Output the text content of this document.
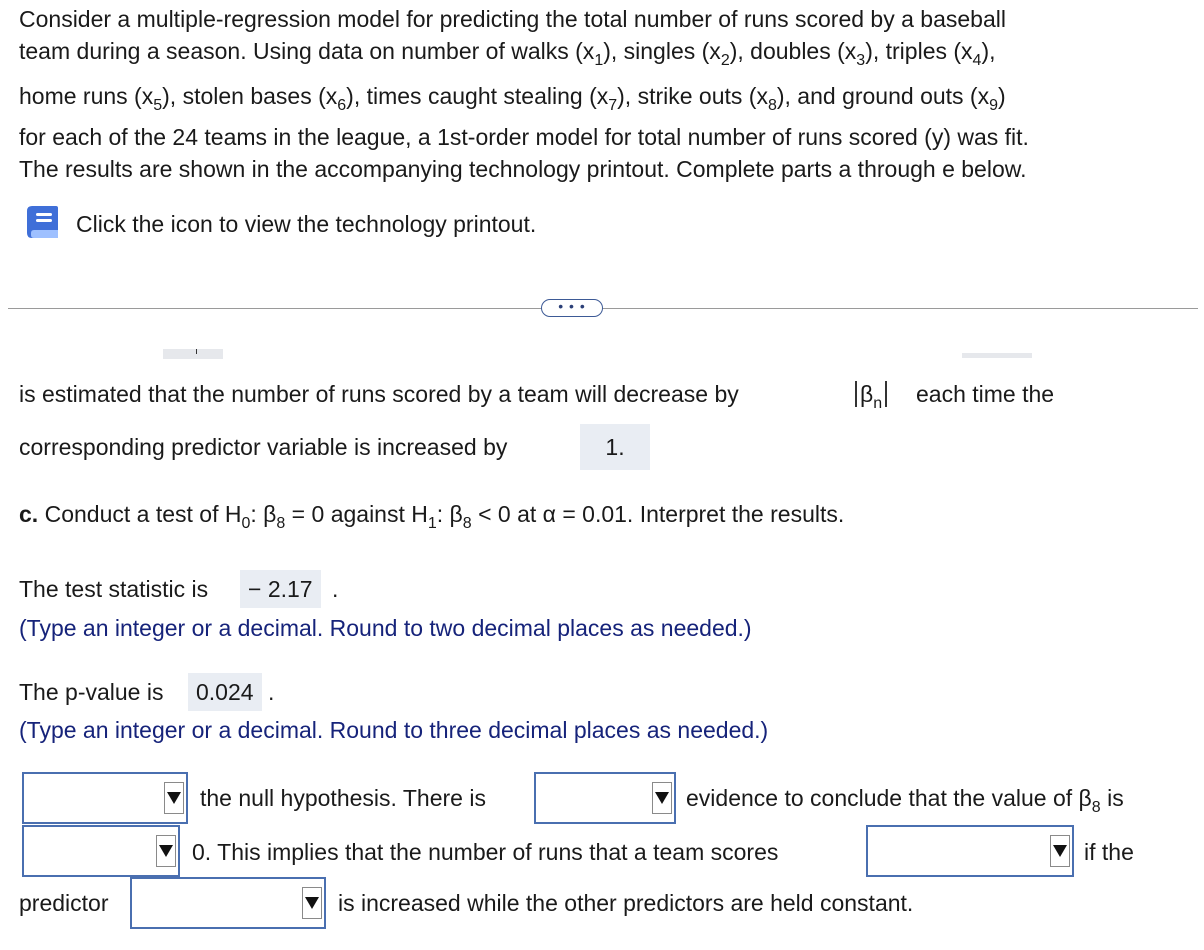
Consider a multiple-regression model for predicting the total number of runs scored by a baseball
team during a season. Using data on number of walks $(x_1)$, singles $(x_2)$, doubles $(x_3)$, triples $(x_4)$,
home runs $(x_5)$, stolen bases $(x_6)$, times caught stealing $(x_7)$, strike outs $(x_8)$, and ground outs $(x_9)$
for each of the 24 teams in the league, a 1st-order model for total number of runs scored (y) was fit.
The results are shown in the accompanying technology printout. Complete parts a through e below.
Click the icon to view the technology printout.
• • •
is estimated that the number of runs scored by a team will decrease by	$\beta_n$ each time the
corresponding predictor variable is increased by	1.
c. Conduct a test of $H_0$: $\beta_8 = 0$ against $H_1$: $\beta_8 < 0$ at α = 0.01. Interpret the results.
The test statistic is	− 2.17 .
(Type an integer or a decimal. Round to two decimal places as needed.)
The p-value is	0.024 .
(Type an integer or a decimal. Round to three decimal places as needed.)
the null hypothesis. There is	evidence to conclude that the value of $\beta_8$ is
0. This implies that the number of runs that a team scores	if the
predictor	is increased while the other predictors are held constant.
